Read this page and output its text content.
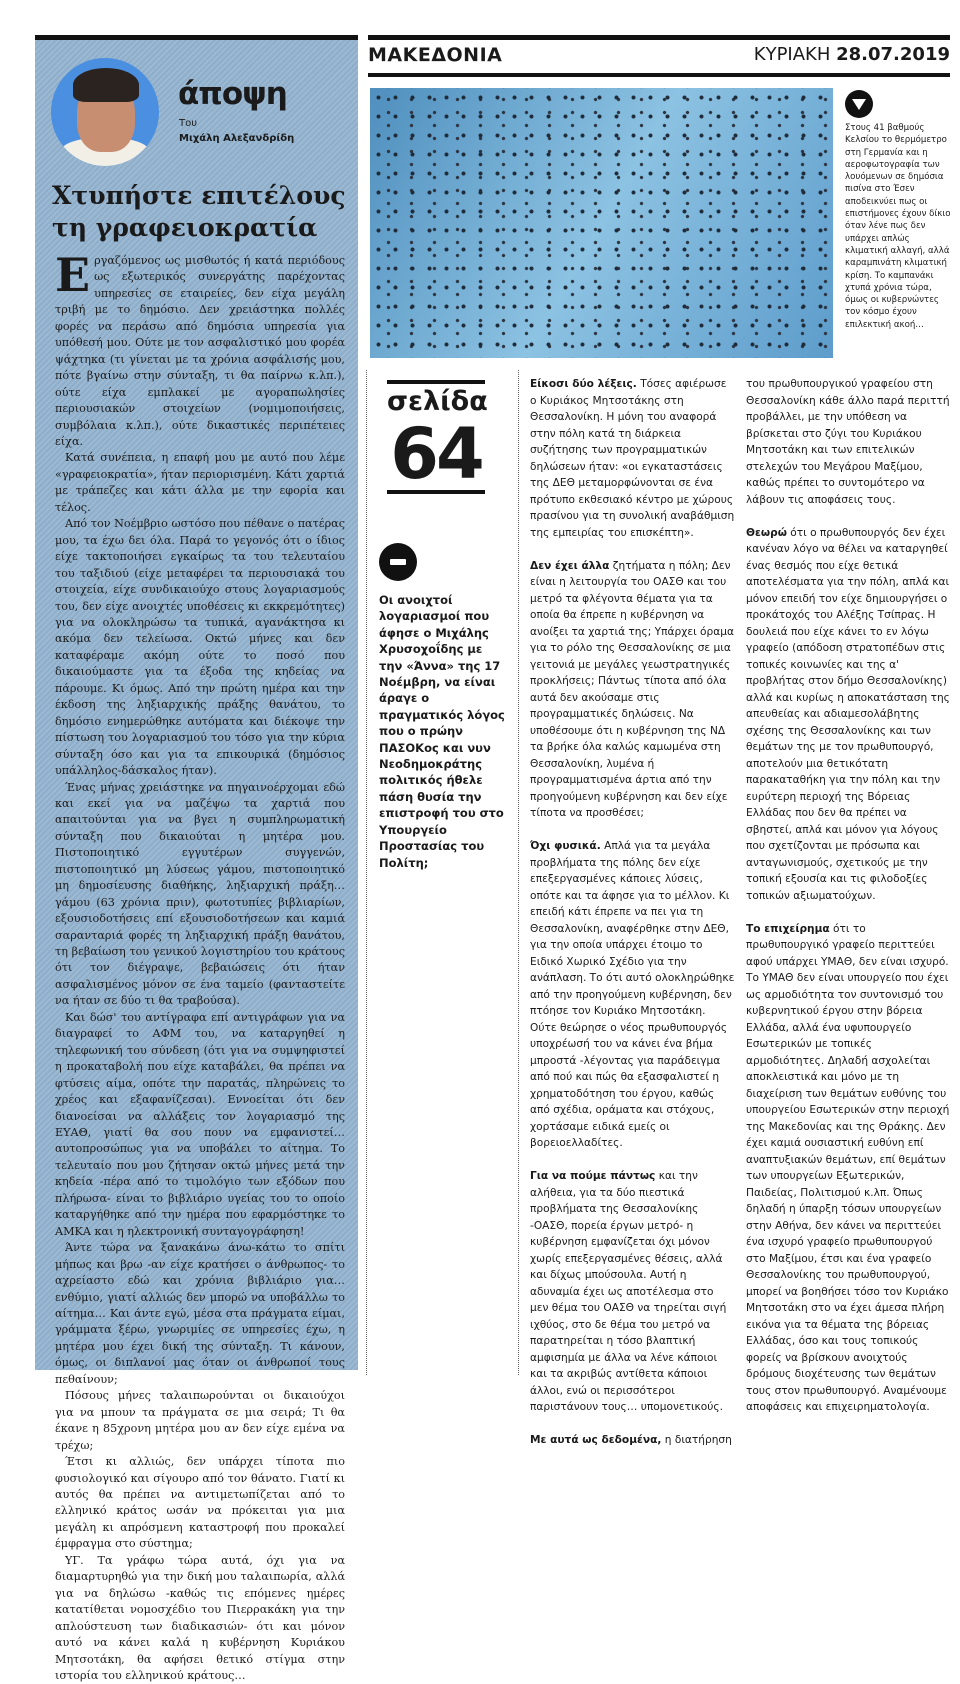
άποψη
Του
Μιχάλη Αλεξανδρίδη
Χτυπήστε επιτέλους τη γραφειοκρατία

Εργαζόμενος ως μισθωτός ή κατά περιόδους ως εξωτερικός συνεργάτης παρέχοντας υπηρεσίες σε εταιρείες, δεν είχα μεγάλη τριβή με το δημόσιο. Δεν χρειάστηκα πολλές φορές να περάσω από δημόσια υπηρεσία για υπόθεσή μου. Ούτε με τον ασφαλιστικό μου φορέα ψάχτηκα (τι γίνεται με τα χρόνια ασφάλισής μου, πότε βγαίνω στην σύνταξη, τι θα παίρνω κ.λπ.), ούτε είχα εμπλακεί με αγοραπωλησίες περιουσιακών στοιχείων (νομιμοποιήσεις, συμβόλαια κ.λπ.), ούτε δικαστικές περιπέτειες είχα.

Κατά συνέπεια, η επαφή μου με αυτό που λέμε «γραφειοκρατία», ήταν περιορισμένη. Κάτι χαρτιά με τράπεζες και κάτι άλλα με την εφορία και τέλος.

Από τον Νοέμβριο ωστόσο που πέθανε ο πατέρας μου, τα έχω δει όλα. Παρά το γεγονός ότι ο ίδιος είχε τακτοποιήσει εγκαίρως τα του τελευταίου του ταξιδιού (είχε μεταφέρει τα περιουσιακά του στοιχεία, είχε συνδικαιούχο στους λογαριασμούς του, δεν είχε ανοιχτές υποθέσεις κι εκκρεμότητες) για να ολοκληρώσω τα τυπικά, αγανάκτησα κι ακόμα δεν τελείωσα. Οκτώ μήνες και δεν καταφέραμε ακόμη ούτε το ποσό που δικαιούμαστε για τα έξοδα της κηδείας να πάρουμε. Κι όμως. Από την πρώτη ημέρα και την έκδοση της ληξιαρχικής πράξης θανάτου, το δημόσιο ενημερώθηκε αυτόματα και διέκοψε την πίστωση του λογαριασμού του τόσο για την κύρια σύνταξη όσο και για τα επικουρικά (δημόσιος υπάλληλος-δάσκαλος ήταν).

Ένας μήνας χρειάστηκε να πηγαινοέρχομαι εδώ και εκεί για να μαζέψω τα χαρτιά που απαιτούνται για να βγει η συμπληρωματική σύνταξη που δικαιούται η μητέρα μου. Πιστοποιητικό εγγυτέρων συγγενών, πιστοποιητικό μη λύσεως γάμου, πιστοποιητικό μη δημοσίευσης διαθήκης, ληξιαρχική πράξη… γάμου (63 χρόνια πριν), φωτοτυπίες βιβλιαρίων, εξουσιοδοτήσεις επί εξουσιοδοτήσεων και καμιά σαρανταριά φορές τη ληξιαρχική πράξη θανάτου, τη βεβαίωση του γενικού λογιστηρίου του κράτους ότι τον διέγραψε, βεβαιώσεις ότι ήταν ασφαλισμένος μόνον σε ένα ταμείο (φανταστείτε να ήταν σε δύο τι θα τραβούσα).

Και δώσ' του αντίγραφα επί αντιγράφων για να διαγραφεί το ΑΦΜ του, να καταργηθεί η τηλεφωνική του σύνδεση (ότι για να συμψηφιστεί η προκαταβολή που είχε καταβάλει, θα πρέπει να φτύσεις αίμα, οπότε την παρατάς, πληρώνεις το χρέος και εξαφανίζεσαι). Εννοείται ότι δεν διανοείσαι να αλλάξεις τον λογαριασμό της ΕΥΑΘ, γιατί θα σου πουν να εμφανιστεί… αυτοπροσώπως για να υποβάλει το αίτημα. Το τελευταίο που μου ζήτησαν οκτώ μήνες μετά την κηδεία -πέρα από το τιμολόγιο των εξόδων που πλήρωσα- είναι το βιβλιάριο υγείας του το οποίο καταργήθηκε από την ημέρα που εφαρμόστηκε το ΑΜΚΑ και η ηλεκτρονική συνταγογράφηση!

Άντε τώρα να ξανακάνω άνω-κάτω το σπίτι μήπως και βρω -αν είχε κρατήσει ο άνθρωπος- το αχρείαστο εδώ και χρόνια βιβλιάριο για… ενθύμιο, γιατί αλλιώς δεν μπορώ να υποβάλλω το αίτημα… Και άντε εγώ, μέσα στα πράγματα είμαι, γράμματα ξέρω, γνωριμίες σε υπηρεσίες έχω, η μητέρα μου έχει δική της σύνταξη. Τι κάνουν, όμως, οι διπλανοί μας όταν οι άνθρωποί τους πεθαίνουν;

Πόσους μήνες ταλαιπωρούνται οι δικαιούχοι για να μπουν τα πράγματα σε μια σειρά; Τι θα έκανε η 85χρονη μητέρα μου αν δεν είχε εμένα να τρέχω;

Έτσι κι αλλιώς, δεν υπάρχει τίποτα πιο φυσιολογικό και σίγουρο από τον θάνατο. Γιατί κι αυτός θα πρέπει να αντιμετωπίζεται από το ελληνικό κράτος ωσάν να πρόκειται για μια μεγάλη κι απρόσμενη καταστροφή που προκαλεί έμφραγμα στο σύστημα;

ΥΓ. Τα γράφω τώρα αυτά, όχι για να διαμαρτυρηθώ για την δική μου ταλαιπωρία, αλλά για να δηλώσω -καθώς τις επόμενες ημέρες κατατίθεται νομοσχέδιο του Πιερρακάκη για την απλούστευση των διαδικασιών- ότι και μόνον αυτό να κάνει καλά η κυβέρνηση Κυριάκου Μητσοτάκη, θα αφήσει θετικό στίγμα στην ιστορία του ελληνικού κράτους…

ΜΑΚΕΔΟΝΙΑ	ΚΥΡΙΑΚΗ 28.07.2019
Στους 41 βαθμούς Κελσίου το θερμόμετρο στη Γερμανία και η αεροφωτογραφία των λουόμενων σε δημόσια πισίνα στο Έσεν αποδεικνύει πως οι επιστήμονες έχουν δίκιο όταν λένε πως δεν υπάρχει απλώς κλιματική αλλαγή, αλλά καραμπινάτη κλιματική κρίση. Το καμπανάκι χτυπά χρόνια τώρα, όμως οι κυβερνώντες τον κόσμο έχουν επιλεκτική ακοή…
σελίδα
64
Οι ανοιχτοί λογαριασμοί που άφησε ο Μιχάλης Χρυσοχοΐδης με την «Άννα» της 17 Νοέμβρη, να είναι άραγε ο πραγματικός λόγος που ο πρώην ΠΑΣΟΚος και νυν Νεοδημοκράτης πολιτικός ήθελε πάση θυσία την επιστροφή του στο Υπουργείο Προστασίας του Πολίτη;

Είκοσι δύο λέξεις. Τόσες αφιέρωσε ο Κυριάκος Μητσοτάκης στη Θεσσαλονίκη. Η μόνη του αναφορά στην πόλη κατά τη διάρκεια συζήτησης των προγραμματικών δηλώσεων ήταν: «οι εγκαταστάσεις της ΔΕΘ μεταμορφώνονται σε ένα πρότυπο εκθεσιακό κέντρο με χώρους πρασίνου για τη συνολική αναβάθμιση της εμπειρίας του επισκέπτη».

Δεν έχει άλλα ζητήματα η πόλη; Δεν είναι η λειτουργία του ΟΑΣΘ και του μετρό τα φλέγοντα θέματα για τα οποία θα έπρεπε η κυβέρνηση να ανοίξει τα χαρτιά της; Υπάρχει όραμα για το ρόλο της Θεσσαλονίκης σε μια γειτονιά με μεγάλες γεωστρατηγικές προκλήσεις; Πάντως τίποτα από όλα αυτά δεν ακούσαμε στις προγραμματικές δηλώσεις. Να υποθέσουμε ότι η κυβέρνηση της ΝΔ τα βρήκε όλα καλώς καμωμένα στη Θεσσαλονίκη, λυμένα ή προγραμματισμένα άρτια από την προηγούμενη κυβέρνηση και δεν είχε τίποτα να προσθέσει;

Όχι φυσικά. Απλά για τα μεγάλα προβλήματα της πόλης δεν είχε επεξεργασμένες κάποιες λύσεις, οπότε και τα άφησε για το μέλλον. Κι επειδή κάτι έπρεπε να πει για τη Θεσσαλονίκη, αναφέρθηκε στην ΔΕΘ, για την οποία υπάρχει έτοιμο το Ειδικό Χωρικό Σχέδιο για την ανάπλαση. Το ότι αυτό ολοκληρώθηκε από την προηγούμενη κυβέρνηση, δεν πτόησε τον Κυριάκο Μητσοτάκη. Ούτε θεώρησε ο νέος πρωθυπουργός υποχρέωσή του να κάνει ένα βήμα μπροστά -λέγοντας για παράδειγμα από πού και πώς θα εξασφαλιστεί η χρηματοδότηση του έργου, καθώς από σχέδια, οράματα και στόχους, χορτάσαμε ειδικά εμείς οι βορειοελλαδίτες.

Για να πούμε πάντως και την αλήθεια, για τα δύο πιεστικά προβλήματα της Θεσσαλονίκης -ΟΑΣΘ, πορεία έργων μετρό- η κυβέρνηση εμφανίζεται όχι μόνον χωρίς επεξεργασμένες θέσεις, αλλά και δίχως μπούσουλα. Αυτή η αδυναμία έχει ως αποτέλεσμα στο μεν θέμα του ΟΑΣΘ να τηρείται σιγή ιχθύος, στο δε θέμα του μετρό να παρατηρείται η τόσο βλαπτική αμφισημία με άλλα να λένε κάποιοι και τα ακριβώς αντίθετα κάποιοι άλλοι, ενώ οι περισσότεροι παριστάνουν τους… υπομονετικούς.

Με αυτά ως δεδομένα, η διατήρηση

του πρωθυπουργικού γραφείου στη Θεσσαλονίκη κάθε άλλο παρά περιττή προβάλλει, με την υπόθεση να βρίσκεται στο ζύγι του Κυριάκου Μητσοτάκη και των επιτελικών στελεχών του Μεγάρου Μαξίμου, καθώς πρέπει το συντομότερο να λάβουν τις αποφάσεις τους.

Θεωρώ ότι ο πρωθυπουργός δεν έχει κανέναν λόγο να θέλει να καταργηθεί ένας θεσμός που είχε θετικά αποτελέσματα για την πόλη, απλά και μόνον επειδή τον είχε δημιουργήσει ο προκάτοχός του Αλέξης Τσίπρας. Η δουλειά που είχε κάνει το εν λόγω γραφείο (απόδοση στρατοπέδων στις τοπικές κοινωνίες και της α' προβλήτας στον δήμο Θεσσαλονίκης) αλλά και κυρίως η αποκατάσταση της απευθείας και αδιαμεσολάβητης σχέσης της Θεσσαλονίκης και των θεμάτων της με τον πρωθυπουργό, αποτελούν μια θετικότατη παρακαταθήκη για την πόλη και την ευρύτερη περιοχή της Βόρειας Ελλάδας που δεν θα πρέπει να σβηστεί, απλά και μόνον για λόγους που σχετίζονται με πρόσωπα και ανταγωνισμούς, σχετικούς με την τοπική εξουσία και τις φιλοδοξίες τοπικών αξιωματούχων.

Το επιχείρημα ότι το πρωθυπουργικό γραφείο περιττεύει αφού υπάρχει ΥΜΑΘ, δεν είναι ισχυρό. Το ΥΜΑΘ δεν είναι υπουργείο που έχει ως αρμοδιότητα τον συντονισμό του κυβερνητικού έργου στην βόρεια Ελλάδα, αλλά ένα υφυπουργείο Εσωτερικών με τοπικές αρμοδιότητες. Δηλαδή ασχολείται αποκλειστικά και μόνο με τη διαχείριση των θεμάτων ευθύνης του υπουργείου Εσωτερικών στην περιοχή της Μακεδονίας και της Θράκης. Δεν έχει καμιά ουσιαστική ευθύνη επί αναπτυξιακών θεμάτων, επί θεμάτων των υπουργείων Εξωτερικών, Παιδείας, Πολιτισμού κ.λπ. Όπως δηλαδή η ύπαρξη τόσων υπουργείων στην Αθήνα, δεν κάνει να περιττεύει ένα ισχυρό γραφείο πρωθυπουργού στο Μαξίμου, έτσι και ένα γραφείο Θεσσαλονίκης του πρωθυπουργού, μπορεί να βοηθήσει τόσο τον Κυριάκο Μητσοτάκη στο να έχει άμεσα πλήρη εικόνα για τα θέματα της βόρειας Ελλάδας, όσο και τους τοπικούς φορείς να βρίσκουν ανοιχτούς δρόμους διοχέτευσης των θεμάτων τους στον πρωθυπουργό. Αναμένουμε αποφάσεις και επιχειρηματολογία.
